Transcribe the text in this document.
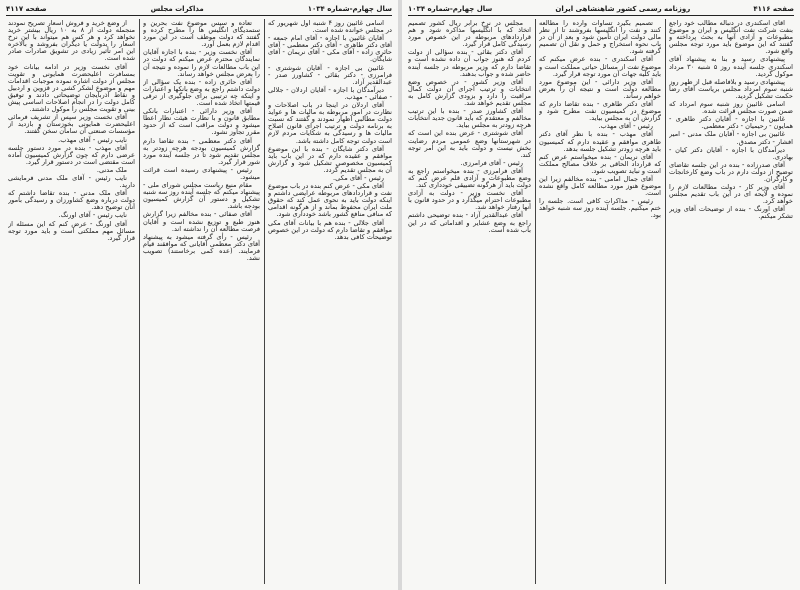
سال چهارم-شماره ۱۰۳۴
مذاکرات مجلس
صفحه ۴۱۱۷

اسامی غائبین روز ۴ شنبه اول شهریور که در مجلس خوانده شده است.

آقایان غائبین با اجازه - آقای امام جمعه - آقای دکتر طاهری - آقای دکتر معظمی - آقای حائری زاده - آقای مکی - آقای نریمان - آقای شایگان.

غائبین بی اجازه - آقایان شوشتری - فرامرزی - دکتر بقائی - کشاورز صدر - عبدالقدیر آزاد.

دیرآمدگان با اجازه - آقایان اردلان - جلالی - صفائی - مهذب.

آقای اردلان در اینجا در باب اصلاحات و نظارت در امور مربوطه به مالیات ها و عواید دولت مطالبی اظهار نمودند و گفتند که نسبت به برنامه دولت و ترتیب اجرای قانون اصلاح مالیات ها و رسیدگی به شکایات مردم لازم است دولت توجه کامل داشته باشد.

آقای دکتر شایگان - بنده با این موضوع موافقم و عقیده دارم که در این باب باید کمیسیون مخصوصی تشکیل شود و گزارش آن به مجلس تقدیم گردد.

رئیس - آقای مکی.

آقای مکی - عرض کنم بنده در باب موضوع نفت و قراردادهای مربوطه عرایضی داشتم و اینکه دولت باید به نحوی عمل کند که حقوق ملت ایران محفوظ بماند و از هرگونه اقدامی که منافی منافع کشور باشد خودداری شود.

آقای جلالی - بنده هم با بیانات آقای مکی موافقم و تقاضا دارم که دولت در این خصوص توضیحات کافی بدهد.

تعاده و سپس موضوع نفت بحرین و ستمدیگای انگلیس ها را مطرح کرده و گفتند که دولت موظف است در این مورد اقدام لازم بعمل آورد.

آقای نخست وزیر - بنده با اجازه آقایان نمایندگان محترم عرض میکنم که دولت در این باب مطالعات لازم را نموده و نتیجه آن را بعرض مجلس خواهد رساند.

آقای حائری زاده - بنده یک سؤالی از دولت داشتم راجع به وضع بانکها و اعتبارات و اینکه چه ترتیبی برای جلوگیری از ترقی قیمتها اتخاذ شده است.

آقای وزیر دارائی - اعتبارات بانکی مطابق قانون و با نظارت هیئت نظار اعطا میشود و دولت مراقب است که از حدود مقرر تجاوز نشود.

آقای دکتر معظمی - بنده تقاضا دارم گزارش کمیسیون بودجه هرچه زودتر به مجلس تقدیم شود تا در جلسه آینده مورد شور قرار گیرد.

رئیس - پیشنهادی رسیده است قرائت میشود.

مقام منیع ریاست مجلس شورای ملی - پیشنهاد میکنم که جلسه آینده روز سه شنبه تشکیل و دستور آن گزارش کمیسیون بودجه باشد.

آقای صفائی - بنده مخالفم زیرا گزارش هنوز طبع و توزیع نشده است و آقایان فرصت مطالعه آن را نداشته اند.

رئیس - رأی گرفته میشود به پیشنهاد آقای دکتر معظمی آقایانی که موافقند قیام فرمایند. (عده کمی برخاستند) تصویب نشد.

از وضع خرید و فروش اسعار تصریح نمودند منجمله دولت از ۸ به ۱۰ ریال بیشتر خرید نخواهد کرد و هر کس هم میتواند با این نرخ اسعار را بدولت یا دیگران بفروشد و بالاخره این امر تأثیر زیادی در تشویق صادرات صادر شده است.

آقای نخست وزیر در ادامه بیانات خود بمسافرت اعلیحضرت همایونی و تقویت مجلس از دولت اشاره نموده موجبات اقدامات مهم و موضوع لشکر کشی در قزوین و اردبیل و نقاط آذربایجان توضیحاتی دادند و توفیق کامل دولت را در انجام اصلاحات اساسی پیش بینی و تقویت مجلس را موکول داشتند.

آقای نخست وزیر سپس از تشریف فرمائی اعلیحضرت همایونی بخوزستان و بازدید از مؤسسات صنعتی آن سامان سخن گفتند.

نایب رئیس - آقای مهذب.

آقای مهذب - بنده در مورد دستور جلسه عرضی دارم که چون گزارش کمیسیون آماده است مقتضی است در دستور قرار گیرد.

ملک مدنی.

نایب رئیس - آقای ملک مدنی فرمایشی دارید.

آقای ملک مدنی - بنده تقاضا داشتم که دولت درباره وضع کشاورزان و رسیدگی بامور آنان توضیح دهد.

نایب رئیس - آقای اورنگ.

آقای اورنگ - عرض کنم که این مسئله از مسائل مهم مملکتی است و باید مورد توجه قرار گیرد.

صفحه ۴۱۱۶
روزنامه رسمی کشور شاهنشاهی ایران
سال چهارم-شماره ۱۰۳۴

آقای اسکندری در دنباله مطالب خود راجع بنفت شرکت نفت انگلیس و ایران و موضوع مطبوعات و آزادی آنها به بحث پرداخته و گفتند که این موضوع باید مورد توجه مجلس واقع شود.

پیشنهادی رسید و بنا به پیشنهاد آقای اسکندری جلسه آینده روز ۵ شنبه ۳۰ مرداد موکول گردید.

پیشنهادی رسید و بلافاصله قبل از ظهر روز شنبه سوم امرداد مجلس بریاست آقای رضا حکمت تشکیل گردید.

اسامی غائبین روز شنبه سوم امرداد که ضمن صورت مجلس قرائت شده.

غائبین با اجازه - آقایان دکتر طاهری - همایون - رحیمیان - دکتر معظمی.

غائبین بی اجازه - آقایان ملک مدنی - امیر افشار - دکتر مصدق.

دیرآمدگان با اجازه - آقایان دکتر کیان - بهادری.

آقای صدرزاده - بنده در این جلسه تقاضای توضیح از دولت دارم در باب وضع کارخانجات و کارگران.

آقای وزیر کار - دولت مطالعات لازم را نموده و لایحه ای در این باب تقدیم مجلس خواهد کرد.

آقای اورنگ - بنده از توضیحات آقای وزیر تشکر میکنم.

تصمیم بگیرد تساوات وارده را مطالعه کنند و نفت را انگلیسها بفروشند تا از نظر مالی دولت ایران تأمین شود و بعد از آن در باب نحوه استخراج و حمل و نقل آن تصمیم گرفته شود.

آقای اسکندری - بنده عرض میکنم که موضوع نفت از مسائل حیاتی مملکت است و باید کلیه جهات آن مورد توجه قرار گیرد.

آقای وزیر دارائی - این موضوع مورد مطالعه دولت است و نتیجه آن را بعرض خواهم رساند.

آقای دکتر طاهری - بنده تقاضا دارم که موضوع در کمیسیون نفت مطرح شود و گزارش آن به مجلس بیاید.

رئیس - آقای مهذب.

آقای مهذب - بنده با نظر آقای دکتر طاهری موافقم و عقیده دارم که کمیسیون باید هرچه زودتر تشکیل جلسه بدهد.

آقای نریمان - بنده میخواستم عرض کنم که قرارداد الحاقی بر خلاف مصالح مملکت است و نباید تصویب شود.

آقای جمال امامی - بنده مخالفم زیرا این موضوع هنوز مورد مطالعه کامل واقع نشده است.

رئیس - مذاکرات کافی است. جلسه را ختم میکنیم. جلسه آینده روز سه شنبه خواهد بود.

مجلس در نرخ برابر ریال کشور تصمیم اتخاذ که با انگلیسها مذاکره شود و هم قراردادهای مربوطه در این خصوص مورد رسیدگی کامل قرار گیرد.

آقای دکتر بقائی - بنده سؤالی از دولت کردم که هنوز جواب آن داده نشده است و تقاضا دارم که وزیر مربوطه در جلسه آینده حاضر شده و جواب بدهند.

آقای وزیر کشور - در خصوص وضع انتخابات و ترتیب اجرای آن دولت کمال مراقبت را دارد و بزودی گزارش کامل به مجلس تقدیم خواهد شد.

آقای کشاورز صدر - بنده با این ترتیب مخالفم و معتقدم که باید قانون جدید انتخابات هرچه زودتر به مجلس بیاید.

آقای شوشتری - عرض بنده این است که در شهرستانها وضع عمومی مردم رضایت بخش نیست و دولت باید به این امر توجه کند.

رئیس - آقای فرامرزی.

آقای فرامرزی - بنده میخواستم راجع به وضع مطبوعات و آزادی قلم عرض کنم که دولت باید از هرگونه تضییقی خودداری کند.

آقای نخست وزیر - دولت به آزادی مطبوعات احترام میگذارد و در حدود قانون با آنها رفتار خواهد شد.

آقای عبدالقدیر آزاد - بنده توضیحی داشتم راجع به وضع عشایر و اقداماتی که در این باب شده است.
